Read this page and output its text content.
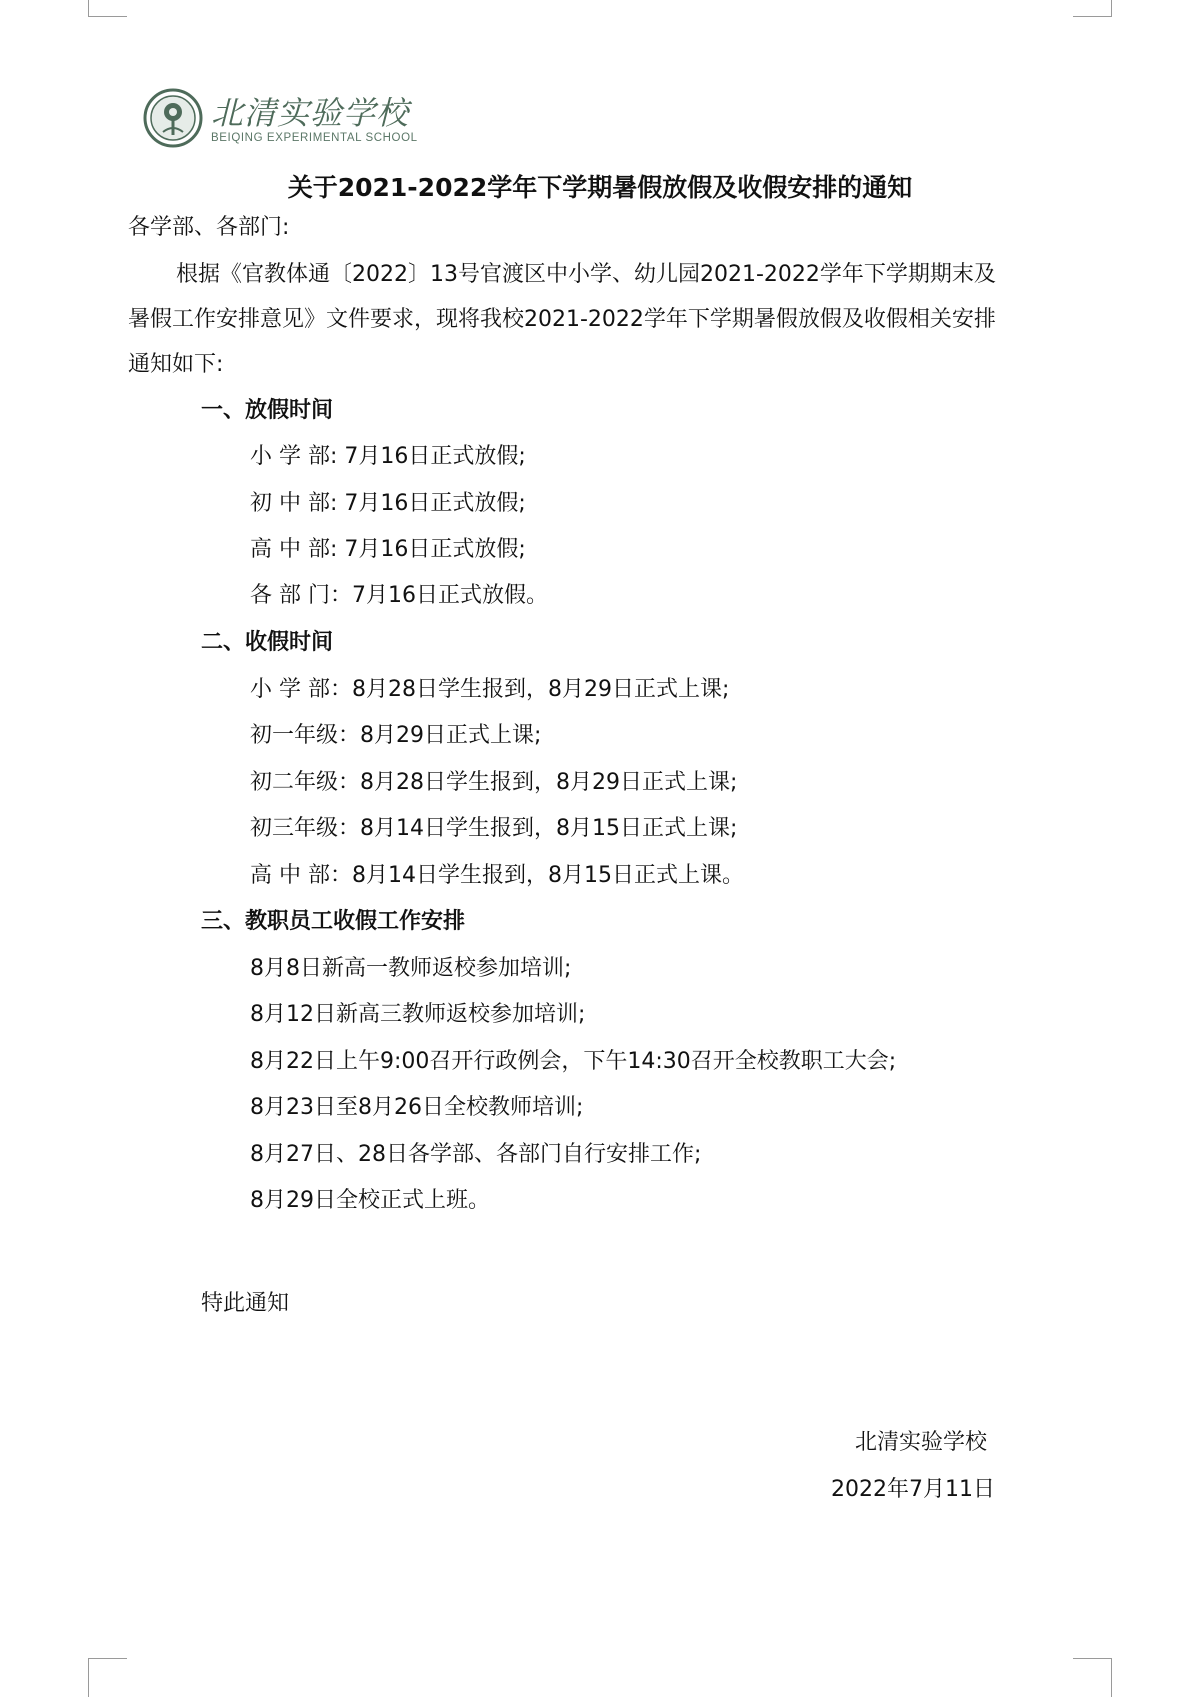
北清实验学校
BEIQING EXPERIMENTAL SCHOOL
关于2021-2022学年下学期暑假放假及收假安排的通知
各学部、各部门:
根据《官教体通〔2022〕13号官渡区中小学、幼儿园2021-2022学年下学期期末及
暑假工作安排意见》文件要求，现将我校2021-2022学年下学期暑假放假及收假相关安排
通知如下:
一、放假时间
小 学 部: 7月16日正式放假;
初 中 部: 7月16日正式放假;
高 中 部: 7月16日正式放假;
各 部 门：7月16日正式放假。
二、收假时间
小 学 部：8月28日学生报到，8月29日正式上课;
初一年级：8月29日正式上课;
初二年级：8月28日学生报到，8月29日正式上课;
初三年级：8月14日学生报到，8月15日正式上课;
高 中 部：8月14日学生报到，8月15日正式上课。
三、教职员工收假工作安排
8月8日新高一教师返校参加培训;
8月12日新高三教师返校参加培训;
8月22日上午9:00召开行政例会，下午14:30召开全校教职工大会;
8月23日至8月26日全校教师培训;
8月27日、28日各学部、各部门自行安排工作;
8月29日全校正式上班。
特此通知
北清实验学校
2022年7月11日
